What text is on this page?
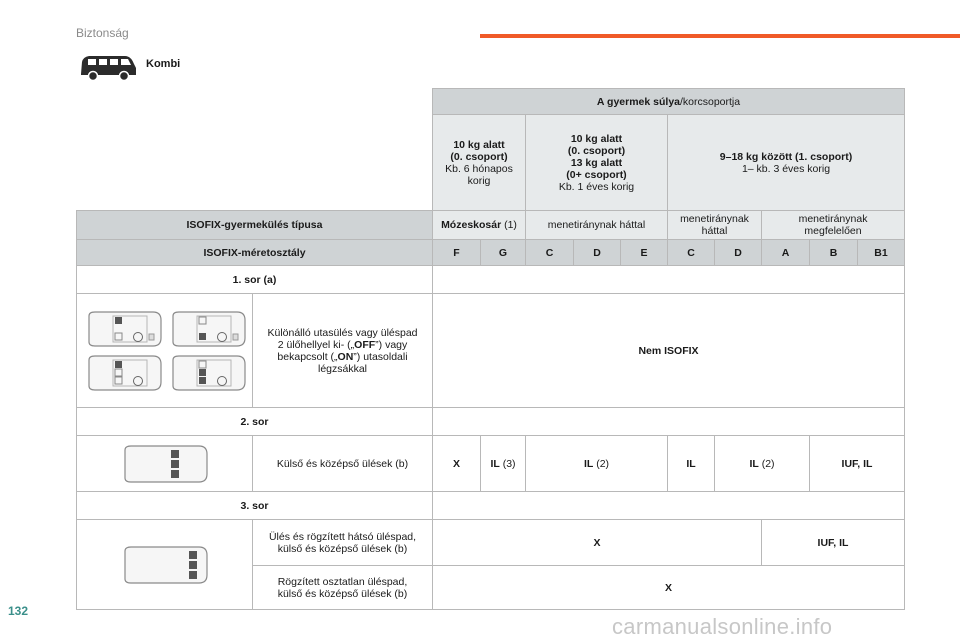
Biztonság
Kombi
		A gyermek súlya/korcsoportja									
		10 kg alatt
(0. csoport)
Kb. 6 hónapos
korig		10 kg alatt
(0. csoport)
13 kg alatt
(0+ csoport)
Kb. 1 éves korig			9–18 kg között (1. csoport)
1– kb. 3 éves korig				
ISOFIX-gyermekülés típusa		Mózeskosár (1)		menetiránynak háttal			menetiránynak
háttal		menetiránynak
megfelelően		
ISOFIX-méretosztály		F	G	C	D	E	C	D	A	B	B1
1. sor (a)											

	Különálló utasülés vagy üléspad
2 ülőhellyel ki- („OFF”) vagy
bekapcsolt („ON”) utasoldali
légzsákkal	Nem ISOFIX									
2. sor											

	Külső és középső ülések (b)	X	IL (3)	IL (2)			IL	IL (2)		IUF, IL	
3. sor											

	Ülés és rögzített hátsó üléspad,
külső és középső ülések (b)	X							IUF, IL		
	Rögzített osztatlan üléspad,
külső és középső ülések (b)	X									
132
carmanualsonline.info
